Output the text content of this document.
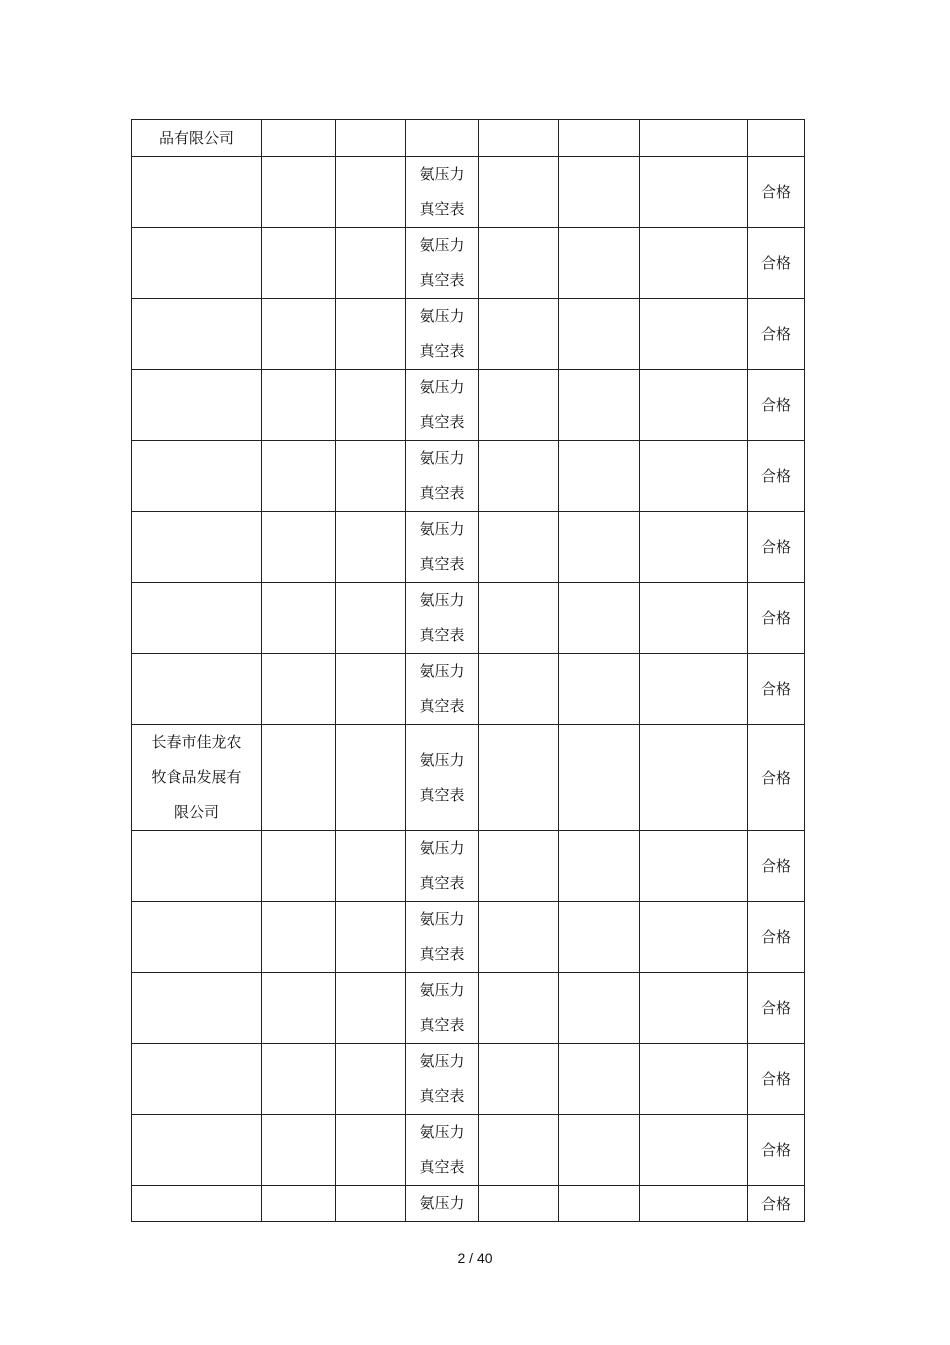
品有限公司							
			氨压力
真空表				合格
			氨压力
真空表				合格
			氨压力
真空表				合格
			氨压力
真空表				合格
			氨压力
真空表				合格
			氨压力
真空表				合格
			氨压力
真空表				合格
			氨压力
真空表				合格
长春市佳龙农
牧食品发展有
限公司			氨压力
真空表				合格
			氨压力
真空表				合格
			氨压力
真空表				合格
			氨压力
真空表				合格
			氨压力
真空表				合格
			氨压力
真空表				合格
			氨压力				合格
2 / 40
